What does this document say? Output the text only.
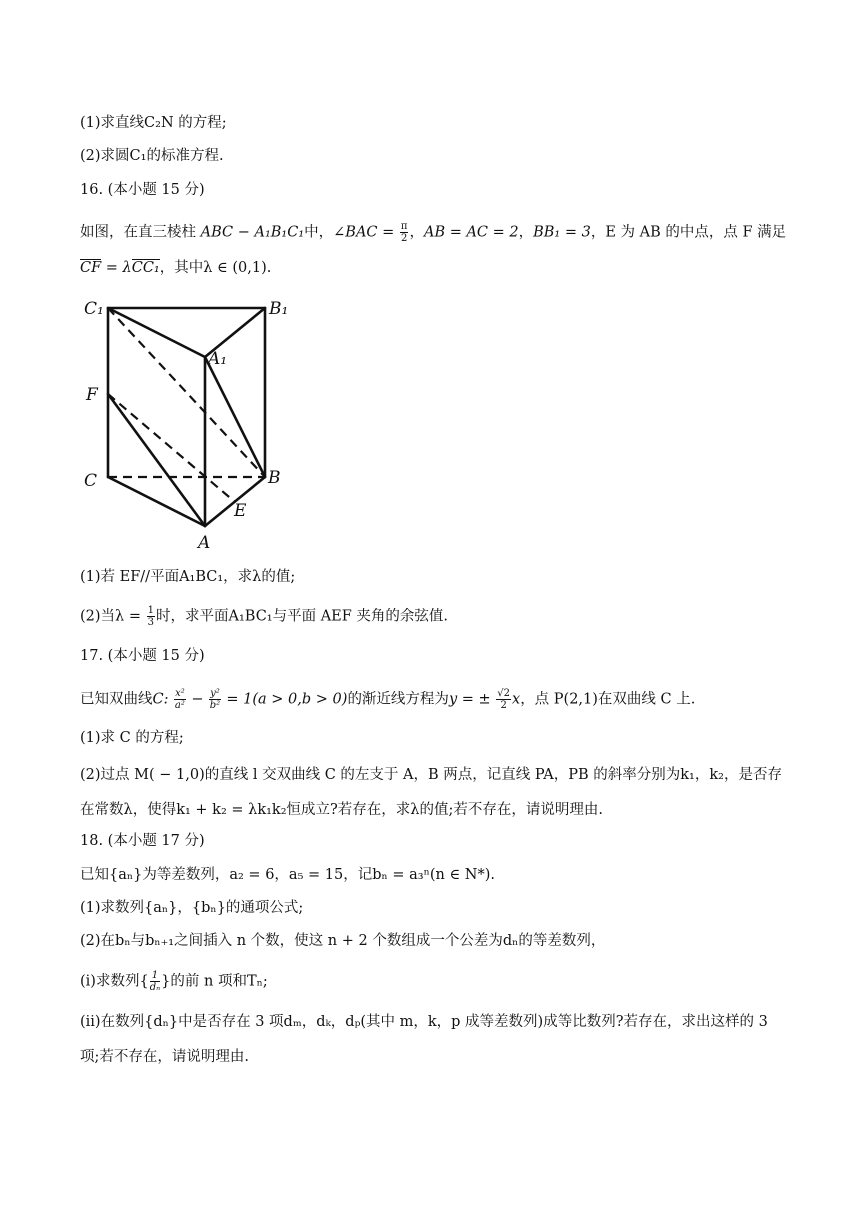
(1)求直线C₂N 的方程;
(2)求圆C₁的标准方程.
16. (本小题 15 分)
如图，在直三棱柱 ABC − A₁B₁C₁中，∠BAC = $\frac{\pi}{2}$ ，AB = AC = 2，BB₁ = 3，E 为 AB 的中点，点 F 满足
CF = λCC₁，其中λ ∈ (0,1).
C₁	B₁
A₁
F
C	B
E
A
(1)若 EF//平面A₁BC₁，求λ的值;
(2)当$\lambda = \frac{1}{3}$ 时，求平面A₁BC₁与平面 AEF 夹角的余弦值.
17. (本小题 15 分)
已知双曲线C: $\frac{\text{x²}}{\text{a²}} - \frac{\text{y²}}{\text{b²}} = 1(a > 0,b > 0)$的渐近线方程为y = ± $\frac{√2}{2}$ x，点 P(2,1)在双曲线 C 上.
(1)求 C 的方程;
(2)过点 M( − 1,0)的直线 l 交双曲线 C 的左支于 A，B 两点，记直线 PA，PB 的斜率分别为k₁，k₂，是否存
在常数λ，使得k₁ + k₂ = λk₁k₂恒成立?若存在，求λ的值;若不存在，请说明理由.
18. (本小题 17 分)
已知{aₙ}为等差数列，a₂ = 6，a₅ = 15，记bₙ = a₃ⁿ(n ∈ N*).
(1)求数列{aₙ}，{bₙ}的通项公式;
(2)在bₙ与bₙ₊₁之间插入 n 个数，使这 n + 2 个数组成一个公差为dₙ的等差数列，
(ⅰ)求数列{ $\frac{1}{\text{dₙ}}$ }的前 n 项和Tₙ;
(ⅱ)在数列{dₙ}中是否存在 3 项dₘ，dₖ，dₚ(其中 m，k，p 成等差数列)成等比数列?若存在，求出这样的 3
项;若不存在，请说明理由.
